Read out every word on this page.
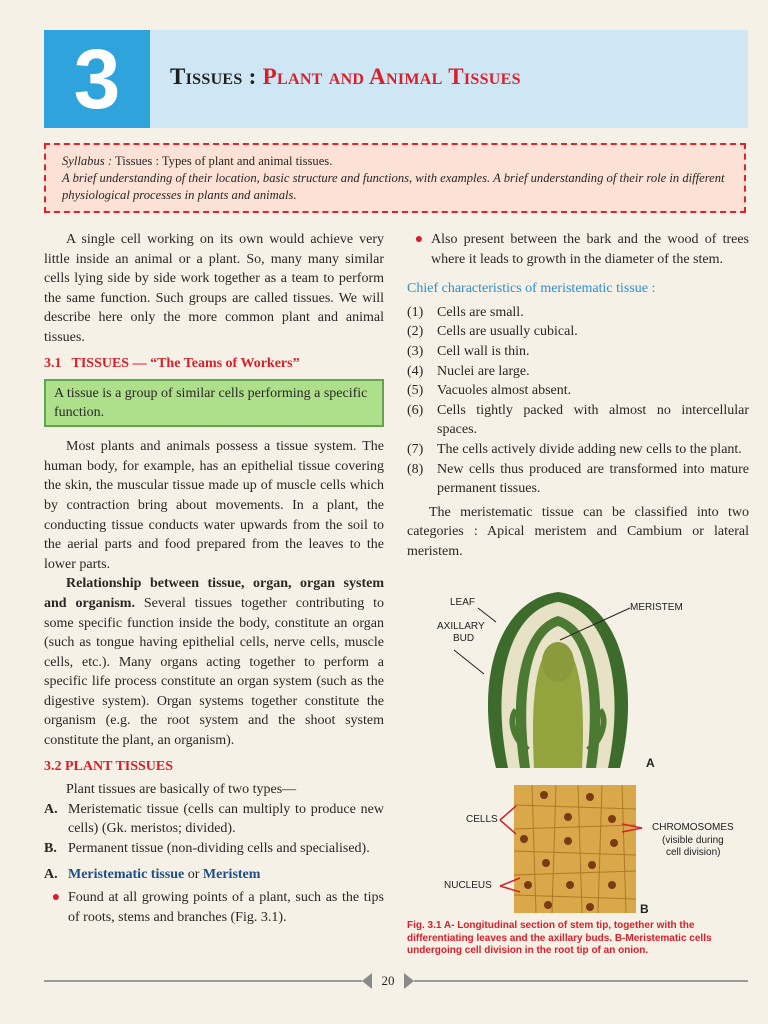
3	Tissues : Plant and Animal Tissues
Syllabus : Tissues : Types of plant and animal tissues.
A brief understanding of their location, basic structure and functions, with examples. A brief understanding of their role in different physiological processes in plants and animals.

A single cell working on its own would achieve very little inside an animal or a plant. So, many many similar cells lying side by side work together as a team to perform the same function. Such groups are called tissues. We will describe here only the more common plant and animal tissues.

3.1 TISSUES — “The Teams of Workers”
A tissue is a group of similar cells performing a specific function.

Most plants and animals possess a tissue system. The human body, for example, has an epithelial tissue covering the skin, the muscular tissue made up of muscle cells which by contraction bring about movements. In a plant, the conducting tissue conducts water upwards from the soil to the aerial parts and food prepared from the leaves to the lower parts.

Relationship between tissue, organ, organ system and organism. Several tissues together contributing to some specific function inside the body, constitute an organ (such as tongue having epithelial cells, nerve cells, muscle cells, etc.). Many organs acting together to perform a specific life process constitute an organ system (such as the digestive system). Organ systems together constitute the organism (e.g. the root system and the shoot system constitute the plant, an organism).

3.2 PLANT TISSUES

Plant tissues are basically of two types—

A. Meristematic tissue (cells can multiply to produce new cells) (Gk. meristos; divided).

B. Permanent tissue (non-dividing cells and specialised).

A. Meristematic tissue or Meristem
● Found at all growing points of a plant, such as the tips of roots, stems and branches (Fig. 3.1).

● Also present between the bark and the wood of trees where it leads to growth in the diameter of the stem.

Chief characteristics of meristematic tissue :
(1) Cells are small.

(2) Cells are usually cubical.

(3) Cell wall is thin.

(4) Nuclei are large.

(5) Vacuoles almost absent.

(6) Cells tightly packed with almost no intercellular spaces.

(7) The cells actively divide adding new cells to the plant.

(8) New cells thus produced are transformed into mature permanent tissues.

The meristematic tissue can be classified into two categories : Apical meristem and Cambium or lateral meristem.

LEAF
AXILLARY
BUD
MERISTEM
A
CELLS
NUCLEUS
CHROMOSOMES
(visible during
cell division)
B
Fig. 3.1 A- Longitudinal section of stem tip, together with the differentiating leaves and the axillary buds. B-Meristematic cells undergoing cell division in the root tip of an onion.
20
